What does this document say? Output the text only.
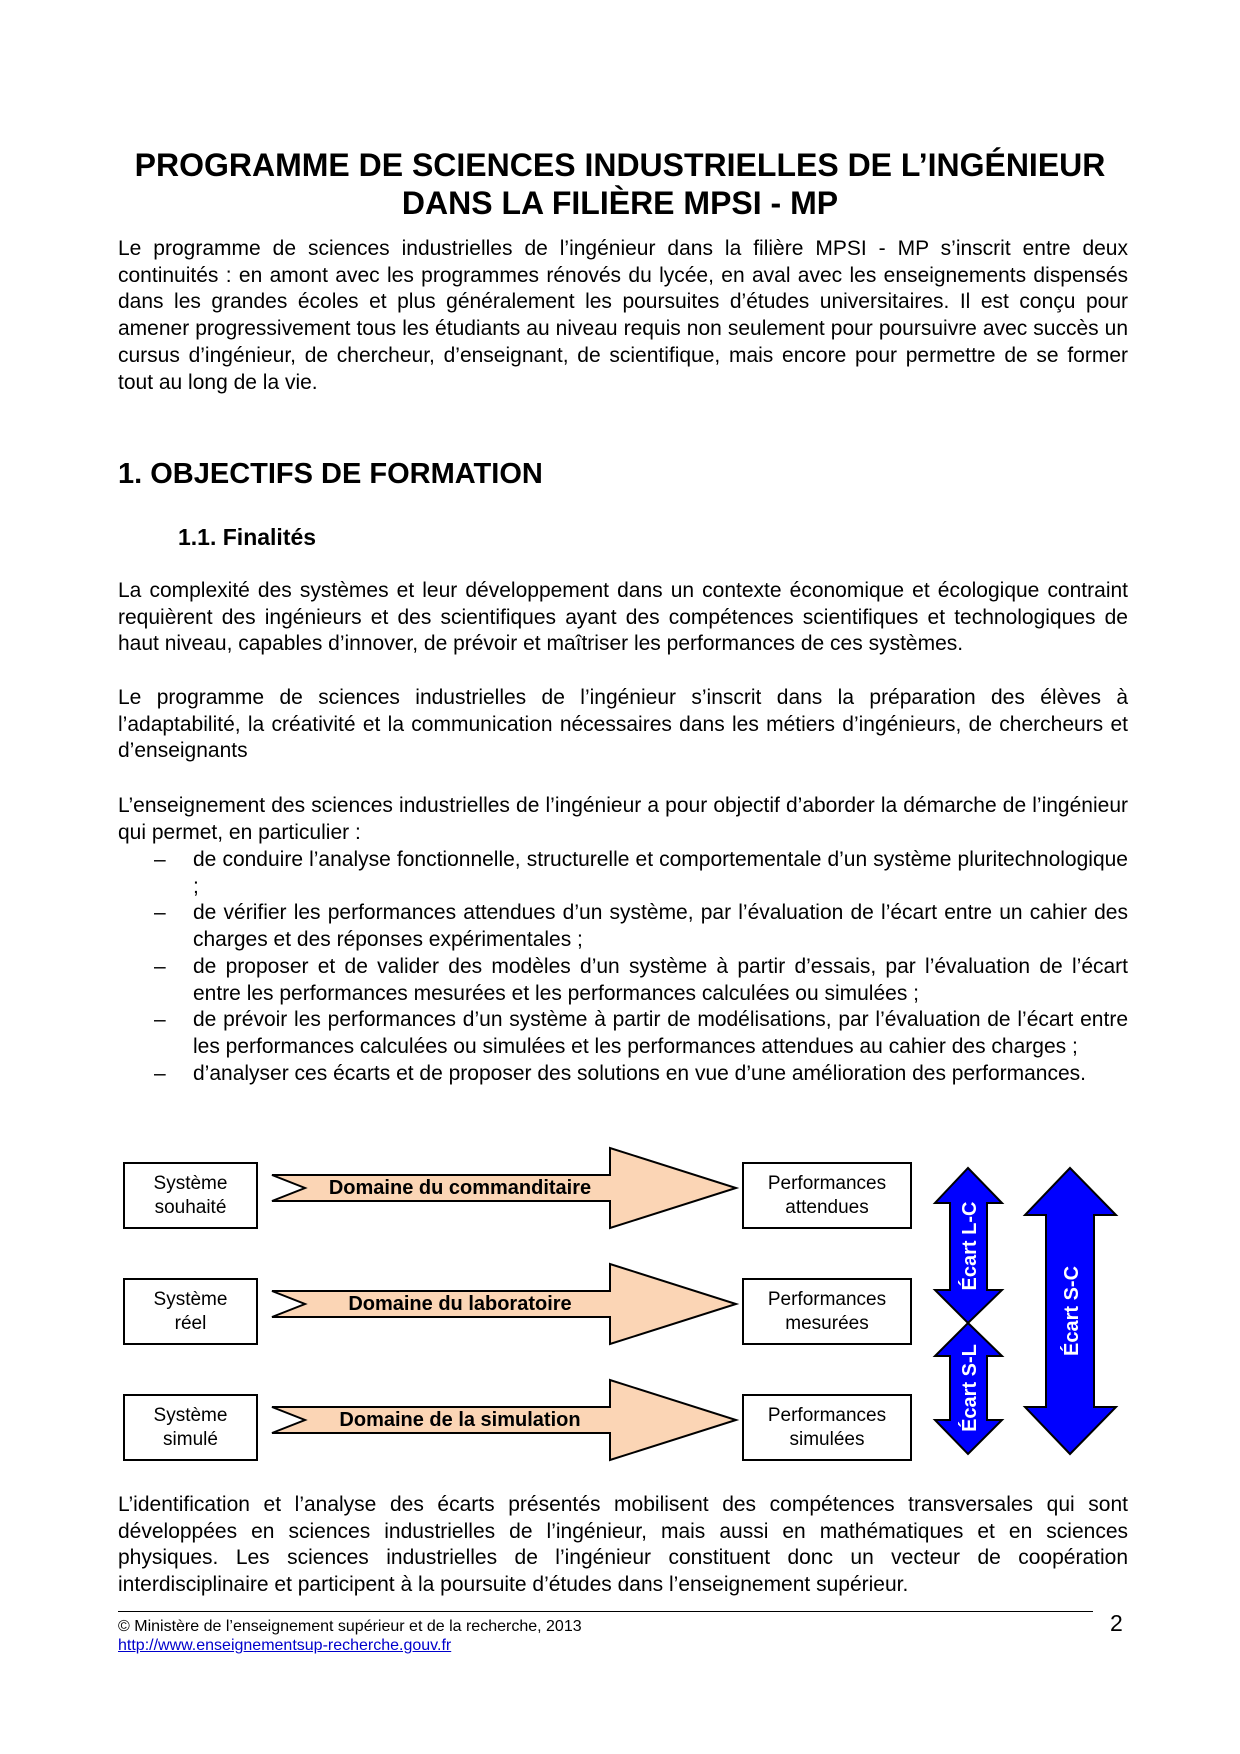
PROGRAMME DE SCIENCES INDUSTRIELLES DE L’INGÉNIEUR
DANS LA FILIÈRE MPSI - MP

Le programme de sciences industrielles de l’ingénieur dans la filière MPSI - MP s’inscrit entre deux continuités : en amont avec les programmes rénovés du lycée, en aval avec les enseignements dispensés dans les grandes écoles et plus généralement les poursuites d’études universitaires. Il est conçu pour amener progressivement tous les étudiants au niveau requis non seulement pour poursuivre avec succès un cursus d’ingénieur, de chercheur, d’enseignant, de scientifique, mais encore pour permettre de se former tout au long de la vie.

1. OBJECTIFS DE FORMATION
1.1. Finalités

La complexité des systèmes et leur développement dans un contexte économique et écologique contraint requièrent des ingénieurs et des scientifiques ayant des compétences scientifiques et technologiques de haut niveau, capables d’innover, de prévoir et maîtriser les performances de ces systèmes.

Le programme de sciences industrielles de l’ingénieur s’inscrit dans la préparation des élèves à l’adaptabilité, la créativité et la communication nécessaires dans les métiers d’ingénieurs, de chercheurs et d’enseignants

L’enseignement des sciences industrielles de l’ingénieur a pour objectif d’aborder la démarche de l’ingénieur qui permet, en particulier :

– de conduire l’analyse fonctionnelle, structurelle et comportementale d’un système pluritechnologique ;
– de vérifier les performances attendues d’un système, par l’évaluation de l’écart entre un cahier des charges et des réponses expérimentales ;
– de proposer et de valider des modèles d’un système à partir d’essais, par l’évaluation de l’écart entre les performances mesurées et les performances calculées ou simulées ;
– de prévoir les performances d’un système à partir de modélisations, par l’évaluation de l’écart entre les performances calculées ou simulées et les performances attendues au cahier des charges ;
– d’analyser ces écarts et de proposer des solutions en vue d’une amélioration des performances.
Écart L-C
Écart S-L
Écart S-C
Système
souhaité
Domaine du commanditaire	Performances
attendues
Système
réel
Domaine du laboratoire	Performances
mesurées
Système
simulé
Domaine de la simulation	Performances
simulées

L’identification et l’analyse des écarts présentés mobilisent des compétences transversales qui sont développées en sciences industrielles de l’ingénieur, mais aussi en mathématiques et en sciences physiques. Les sciences industrielles de l’ingénieur constituent donc un vecteur de coopération interdisciplinaire et participent à la poursuite d’études dans l’enseignement supérieur.

© Ministère de l’enseignement supérieur et de la recherche, 2013
http://www.enseignementsup-recherche.gouv.fr
2
